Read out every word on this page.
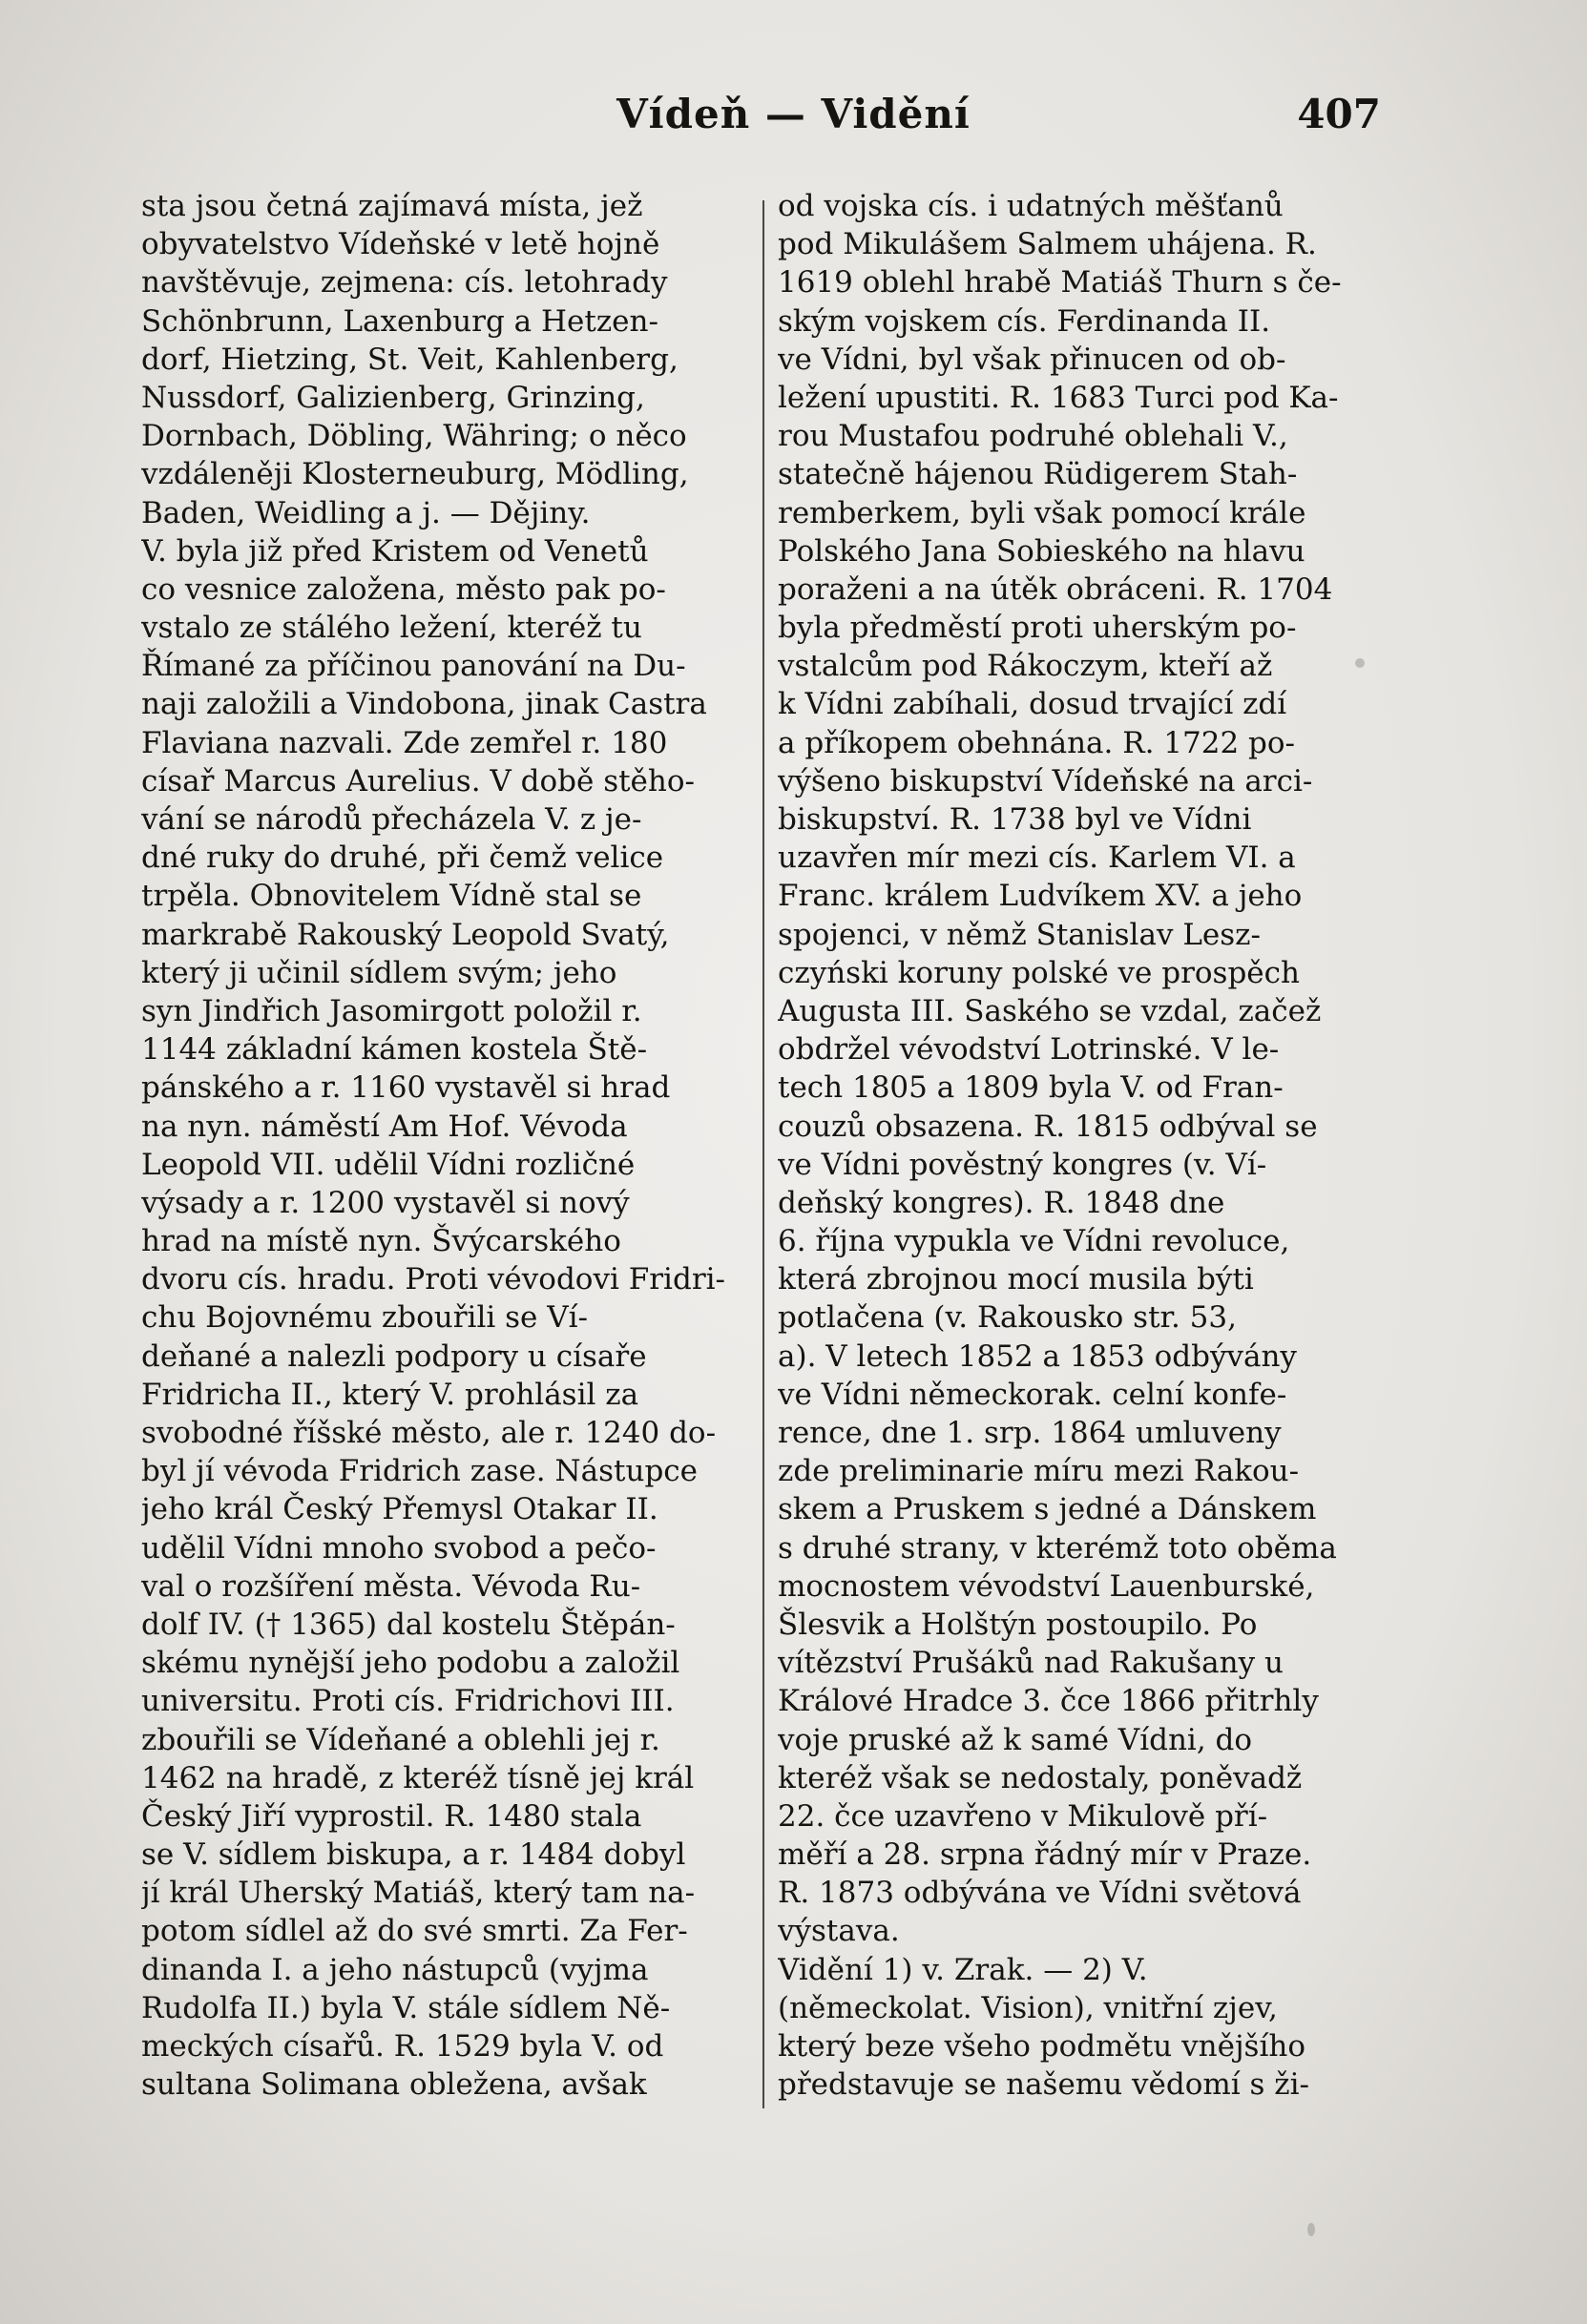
Vídeň — Vidění	407
sta jsou četná zajímavá místa, jež
obyvatelstvo Vídeňské v letě hojně
navštěvuje, zejmena: cís. letohrady
Schönbrunn, Laxenburg a Hetzen-
dorf, Hietzing, St. Veit, Kahlenberg,
Nussdorf, Galizienberg, Grinzing,
Dornbach, Döbling, Währing; o něco
vzdáleněji Klosterneuburg, Mödling,
Baden, Weidling a j. — Dějiny.
V. byla již před Kristem od Venetů
co vesnice založena, město pak po-
vstalo ze stálého ležení, kteréž tu
Římané za příčinou panování na Du-
naji založili a Vindobona, jinak Castra
Flaviana nazvali. Zde zemřel r. 180
císař Marcus Aurelius. V době stěho-
vání se národů přecházela V. z je-
dné ruky do druhé, při čemž velice
trpěla. Obnovitelem Vídně stal se
markrabě Rakouský Leopold Svatý,
který ji učinil sídlem svým; jeho
syn Jindřich Jasomirgott položil r.
1144 základní kámen kostela Ště-
pánského a r. 1160 vystavěl si hrad
na nyn. náměstí Am Hof. Vévoda
Leopold VII. udělil Vídni rozličné
výsady a r. 1200 vystavěl si nový
hrad na místě nyn. Švýcarského
dvoru cís. hradu. Proti vévodovi Fridri-
chu Bojovnému zbouřili se Ví-
deňané a nalezli podpory u císaře
Fridricha II., který V. prohlásil za
svobodné říšské město, ale r. 1240 do-
byl jí vévoda Fridrich zase. Nástupce
jeho král Český Přemysl Otakar II.
udělil Vídni mnoho svobod a pečo-
val o rozšíření města. Vévoda Ru-
dolf IV. († 1365) dal kostelu Štěpán-
skému nynější jeho podobu a založil
universitu. Proti cís. Fridrichovi III.
zbouřili se Vídeňané a oblehli jej r.
1462 na hradě, z kteréž tísně jej král
Český Jiří vyprostil. R. 1480 stala
se V. sídlem biskupa, a r. 1484 dobyl
jí král Uherský Matiáš, který tam na-
potom sídlel až do své smrti. Za Fer-
dinanda I. a jeho nástupců (vyjma
Rudolfa II.) byla V. stále sídlem Ně-
meckých císařů. R. 1529 byla V. od
sultana Solimana obležena, avšak
od vojska cís. i udatných měšťanů
pod Mikulášem Salmem uhájena. R.
1619 oblehl hrabě Matiáš Thurn s če-
ským vojskem cís. Ferdinanda II.
ve Vídni, byl však přinucen od ob-
ležení upustiti. R. 1683 Turci pod Ka-
rou Mustafou podruhé oblehali V.,
statečně hájenou Rüdigerem Stah-
remberkem, byli však pomocí krále
Polského Jana Sobieského na hlavu
poraženi a na útěk obráceni. R. 1704
byla předměstí proti uherským po-
vstalcům pod Rákoczym, kteří až
k Vídni zabíhali, dosud trvající zdí
a příkopem obehnána. R. 1722 po-
výšeno biskupství Vídeňské na arci-
biskupství. R. 1738 byl ve Vídni
uzavřen mír mezi cís. Karlem VI. a
Franc. králem Ludvíkem XV. a jeho
spojenci, v němž Stanislav Lesz-
czyński koruny polské ve prospěch
Augusta III. Saského se vzdal, začež
obdržel vévodství Lotrinské. V le-
tech 1805 a 1809 byla V. od Fran-
couzů obsazena. R. 1815 odbýval se
ve Vídni pověstný kongres (v. Ví-
deňský kongres). R. 1848 dne
6. října vypukla ve Vídni revoluce,
která zbrojnou mocí musila býti
potlačena (v. Rakousko str. 53,
a). V letech 1852 a 1853 odbývány
ve Vídni německorak. celní konfe-
rence, dne 1. srp. 1864 umluveny
zde preliminarie míru mezi Rakou-
skem a Pruskem s jedné a Dánskem
s druhé strany, v kterémž toto oběma
mocnostem vévodství Lauenburské,
Šlesvik a Holštýn postoupilo. Po
vítězství Prušáků nad Rakušany u
Králové Hradce 3. čce 1866 přitrhly
voje pruské až k samé Vídni, do
kteréž však se nedostaly, poněvadž
22. čce uzavřeno v Mikulově pří-
měří a 28. srpna řádný mír v Praze.
R. 1873 odbývána ve Vídni světová
výstava.
Vidění 1) v. Zrak. — 2) V.
(německolat. Vision), vnitřní zjev,
který beze všeho podmětu vnějšího
představuje se našemu vědomí s ži-
